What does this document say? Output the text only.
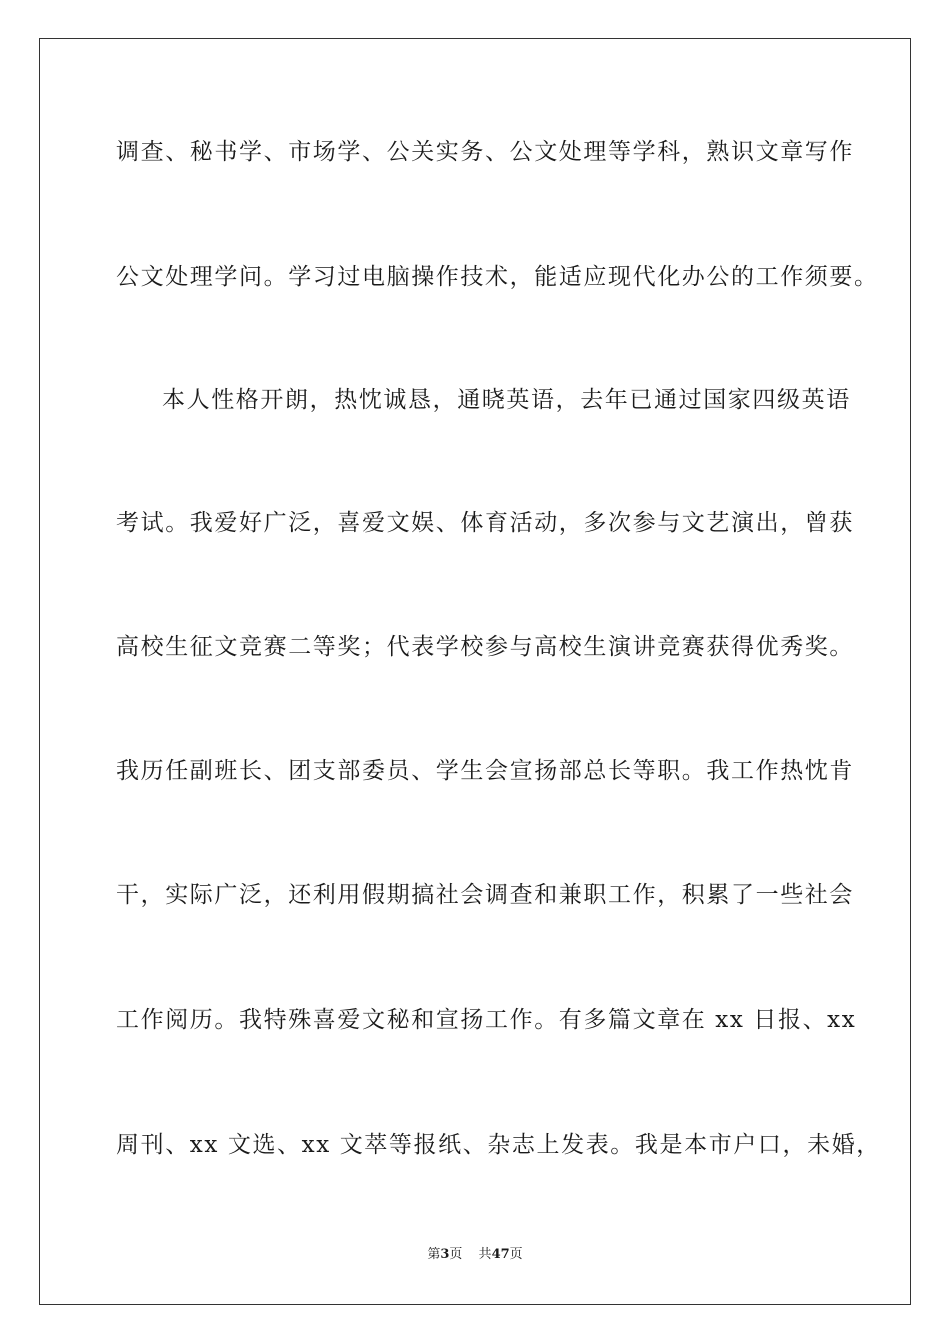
调查、秘书学、市场学、公关实务、公文处理等学科，熟识文章写作
公文处理学问。学习过电脑操作技术，能适应现代化办公的工作须要。
本人性格开朗，热忱诚恳，通晓英语，去年已通过国家四级英语
考试。我爱好广泛，喜爱文娱、体育活动，多次参与文艺演出，曾获
高校生征文竞赛二等奖；代表学校参与高校生演讲竞赛获得优秀奖。
我历任副班长、团支部委员、学生会宣扬部总长等职。我工作热忱肯
干，实际广泛，还利用假期搞社会调查和兼职工作，积累了一些社会
工作阅历。我特殊喜爱文秘和宣扬工作。有多篇文章在 xx 日报、xx
周刊、xx 文选、xx 文萃等报纸、杂志上发表。我是本市户口，未婚，
第3页 共47页
